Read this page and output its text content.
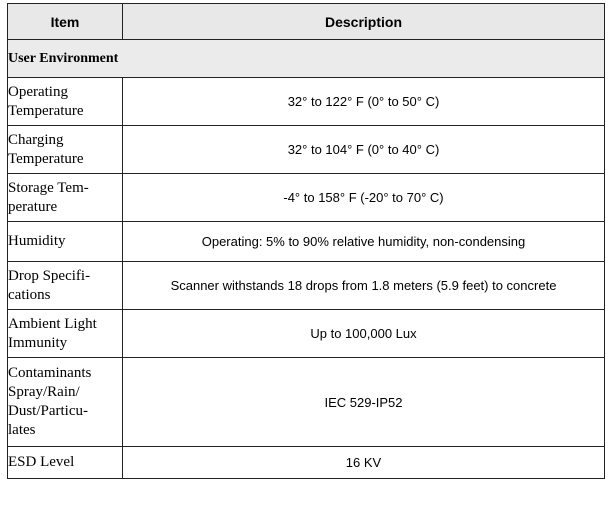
Item	Description
User Environment	

Operating
Temperature	32° to 122° F (0° to 50° C)

Charging
Temperature	32° to 104° F (0° to 40° C)

Storage Tem-
perature	-4° to 158° F (-20° to 70° C)

Humidity	Operating: 5% to 90% relative humidity, non-condensing

Drop Specifi-
cations	Scanner withstands 18 drops from 1.8 meters (5.9 feet) to concrete

Ambient Light
Immunity	Up to 100,000 Lux

Contaminants
Spray/Rain/
Dust/Particu-
lates	IEC 529-IP52

ESD Level	16 KV
